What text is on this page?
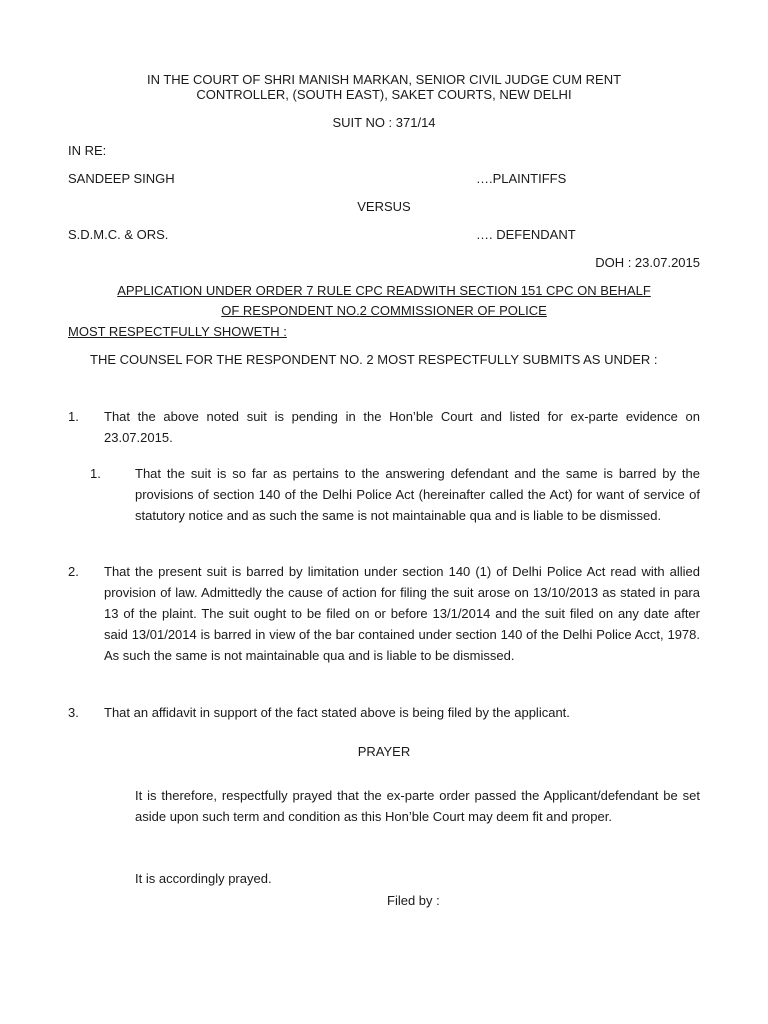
IN THE COURT OF SHRI MANISH MARKAN, SENIOR CIVIL JUDGE CUM RENT
CONTROLLER, (SOUTH EAST), SAKET COURTS, NEW DELHI
SUIT NO : 371/14
IN RE:
SANDEEP SINGH	….PLAINTIFFS
VERSUS
S.D.M.C. & ORS.	…. DEFENDANT
DOH : 23.07.2015
APPLICATION UNDER ORDER 7 RULE CPC READWITH SECTION 151 CPC ON BEHALF
OF RESPONDENT NO.2 COMMISSIONER OF POLICE
MOST RESPECTFULLY SHOWETH :
THE COUNSEL FOR THE RESPONDENT NO. 2 MOST RESPECTFULLY SUBMITS AS UNDER :
1. That the above noted suit is pending in the Hon’ble Court and listed for ex-parte evidence on 23.07.2015.
1.	That the suit is so far as pertains to the answering defendant and the same is barred by the provisions of section 140 of the Delhi Police Act (hereinafter called the Act) for want of service of statutory notice and as such the same is not maintainable qua and is liable to be dismissed.
2. That the present suit is barred by limitation under section 140 (1) of Delhi Police Act read with allied provision of law. Admittedly the cause of action for filing the suit arose on 13/10/2013 as stated in para 13 of the plaint. The suit ought to be filed on or before 13/1/2014 and the suit filed on any date after said 13/01/2014 is barred in view of the bar contained under section 140 of the Delhi Police Acct, 1978. As such the same is not maintainable qua and is liable to be dismissed.
3. That an affidavit in support of the fact stated above is being filed by the applicant.
PRAYER
It is therefore, respectfully prayed that the ex-parte order passed the Applicant/defendant be set aside upon such term and condition as this Hon’ble Court may deem fit and proper.
It is accordingly prayed.
Filed by :
